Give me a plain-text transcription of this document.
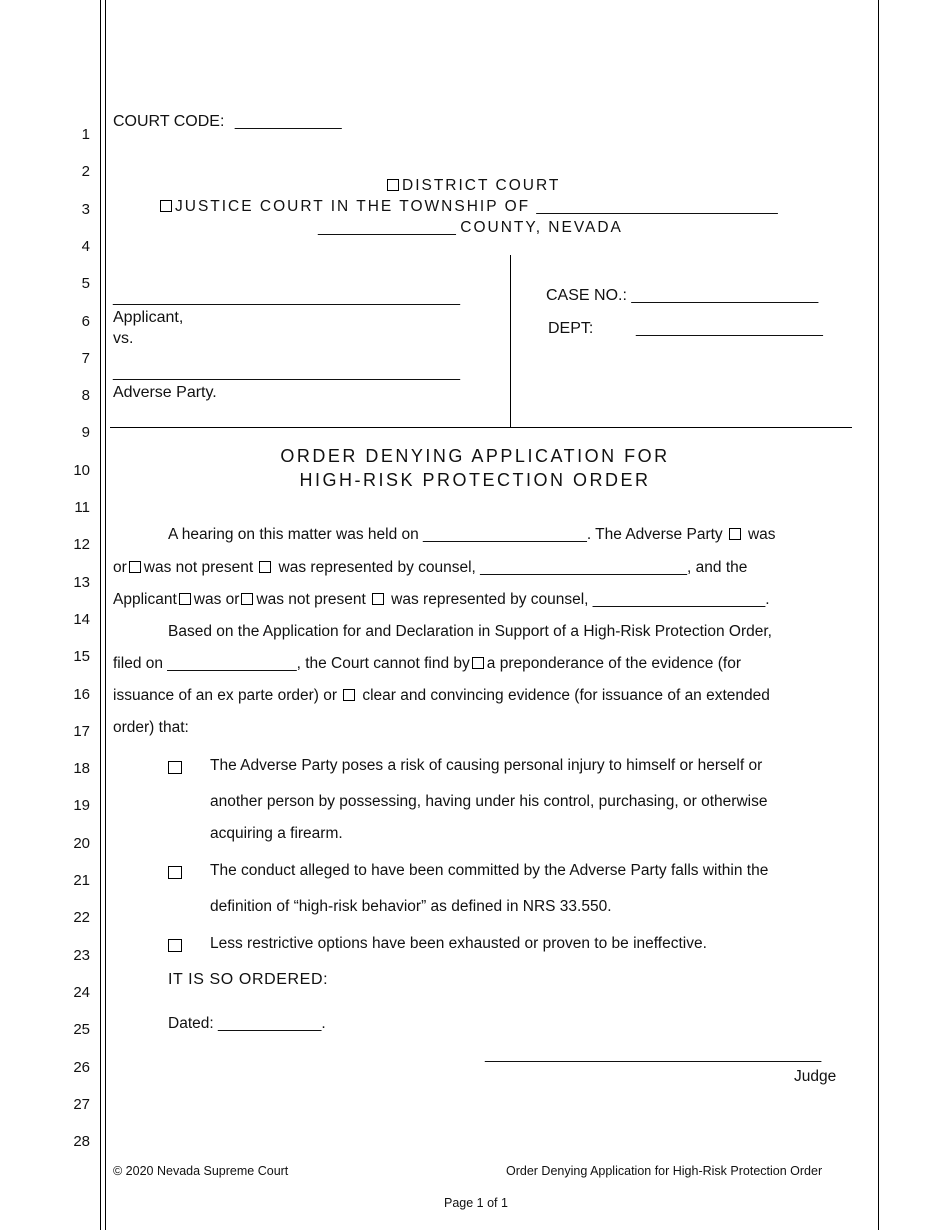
1
2
3
4
5
6
7
8
9
10
11
12
13
14
15
16
17
18
19
20
21
22
23
24
25
26
27
28
COURT CODE: ____________
DISTRICT COURT
JUSTICE COURT IN THE TOWNSHIP OF ____________________________
________________ COUNTY, NEVADA
_______________________________________
Applicant,
vs.
_______________________________________
Adverse Party.
CASE NO.: _____________________
DEPT:	_____________________
ORDER DENYING APPLICATION FOR
HIGH-RISK PROTECTION ORDER
A hearing on this matter was held on ___________________. The Adverse Party was
or was not present was represented by counsel, ________________________, and the
Applicant was or was not present was represented by counsel, ____________________.
Based on the Application for and Declaration in Support of a High-Risk Protection Order,
filed on _______________, the Court cannot find by a preponderance of the evidence (for
issuance of an ex parte order) or clear and convincing evidence (for issuance of an extended
order) that:
The Adverse Party poses a risk of causing personal injury to himself or herself or
another person by possessing, having under his control, purchasing, or otherwise
acquiring a firearm.
The conduct alleged to have been committed by the Adverse Party falls within the
definition of “high-risk behavior” as defined in NRS 33.550.
Less restrictive options have been exhausted or proven to be ineffective.
IT IS SO ORDERED:
Dated: ____________.
_______________________________________
Judge
© 2020 Nevada Supreme Court	Order Denying Application for High-Risk Protection Order
Page 1 of 1
